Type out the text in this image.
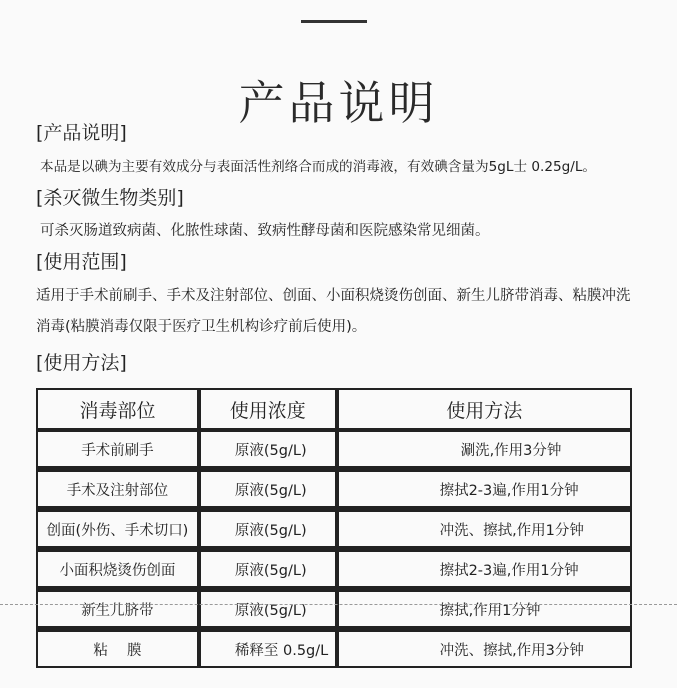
产品说明
[产品说明]
本品是以碘为主要有效成分与表面活性剂络合而成的消毒液，有效碘含量为5gL士 0.25g/L。
[杀灭微生物类别]
可杀灭肠道致病菌、化脓性球菌、致病性酵母菌和医院感染常见细菌。
[使用范围]
适用于手术前刷手、手术及注射部位、创面、小面积烧烫伤创面、新生儿脐带消毒、粘膜冲洗消毒(粘膜消毒仅限于医疗卫生机构诊疗前后使用)。
[使用方法]
消毒部位	使用浓度	使用方法
手术前刷手	原液(5g/L)	涮洗,作用3分钟
手术及注射部位	原液(5g/L)	擦拭2-3遍,作用1分钟
创面(外伤、手术切口)	原液(5g/L)	冲洗、擦拭,作用1分钟
小面积烧烫伤创面	原液(5g/L)	擦拭2-3遍,作用1分钟
新生儿脐带	原液(5g/L)	擦拭,作用1分钟
粘　 膜	稀释至 0.5g/L	冲洗、擦拭,作用3分钟
